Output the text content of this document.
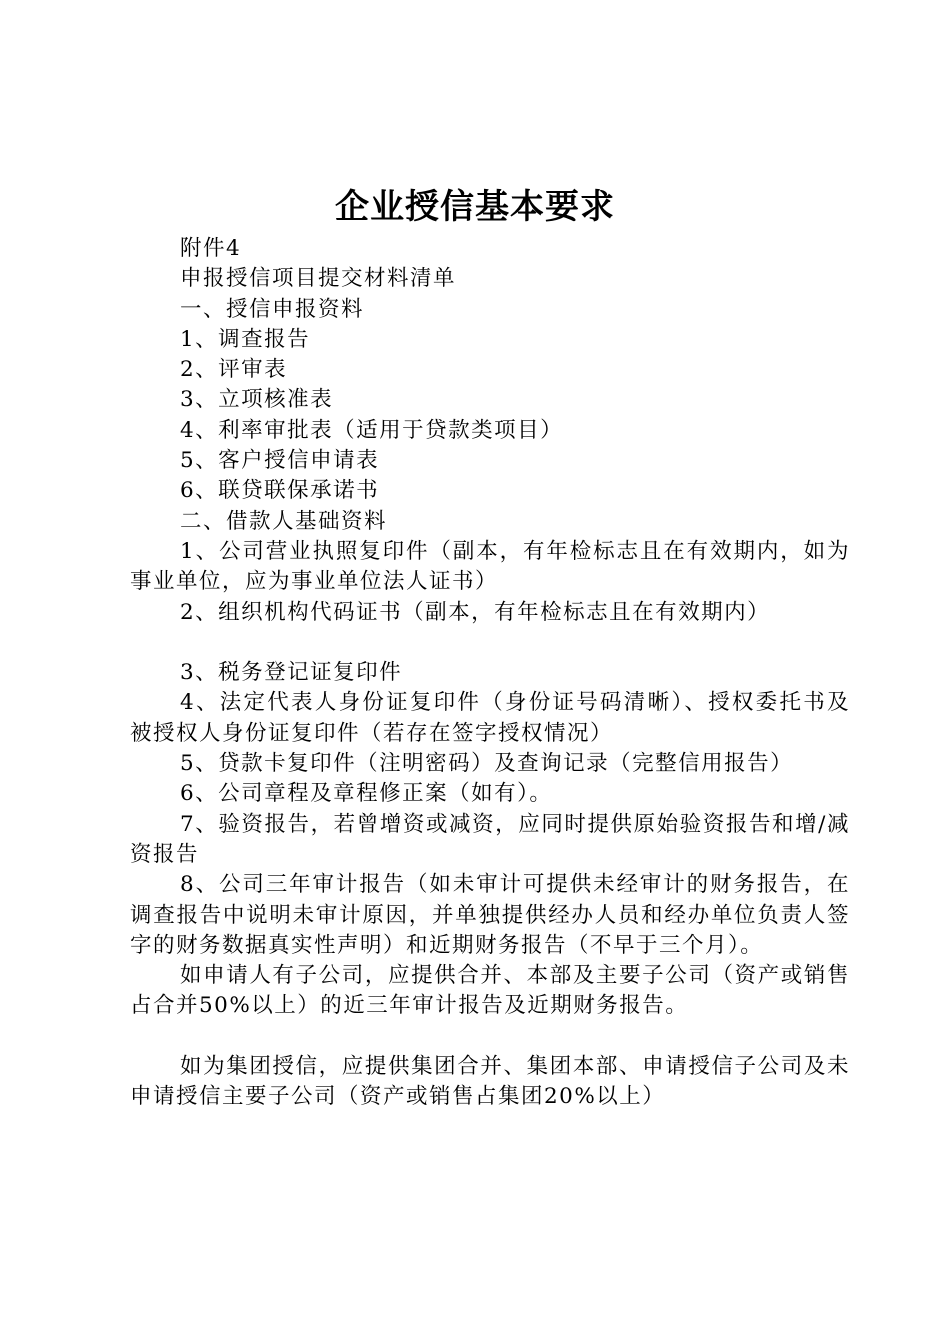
企业授信基本要求

附件4

申报授信项目提交材料清单

一、授信申报资料

1、调查报告

2、评审表

3、立项核准表

4、利率审批表（适用于贷款类项目）

5、客户授信申请表

6、联贷联保承诺书

二、借款人基础资料

1、公司营业执照复印件（副本，有年检标志且在有效期内，如为事业单位，应为事业单位法人证书）

2、组织机构代码证书（副本，有年检标志且在有效期内）

3、税务登记证复印件

4、法定代表人身份证复印件（身份证号码清晰）、授权委托书及被授权人身份证复印件（若存在签字授权情况）

5、贷款卡复印件（注明密码）及查询记录（完整信用报告）

6、公司章程及章程修正案（如有）。

7、验资报告，若曾增资或减资，应同时提供原始验资报告和增/减资报告

8、公司三年审计报告（如未审计可提供未经审计的财务报告，在调查报告中说明未审计原因，并单独提供经办人员和经办单位负责人签字的财务数据真实性声明）和近期财务报告（不早于三个月）。

如申请人有子公司，应提供合并、本部及主要子公司（资产或销售占合并50%以上）的近三年审计报告及近期财务报告。

如为集团授信，应提供集团合并、集团本部、申请授信子公司及未申请授信主要子公司（资产或销售占集团20%以上）
